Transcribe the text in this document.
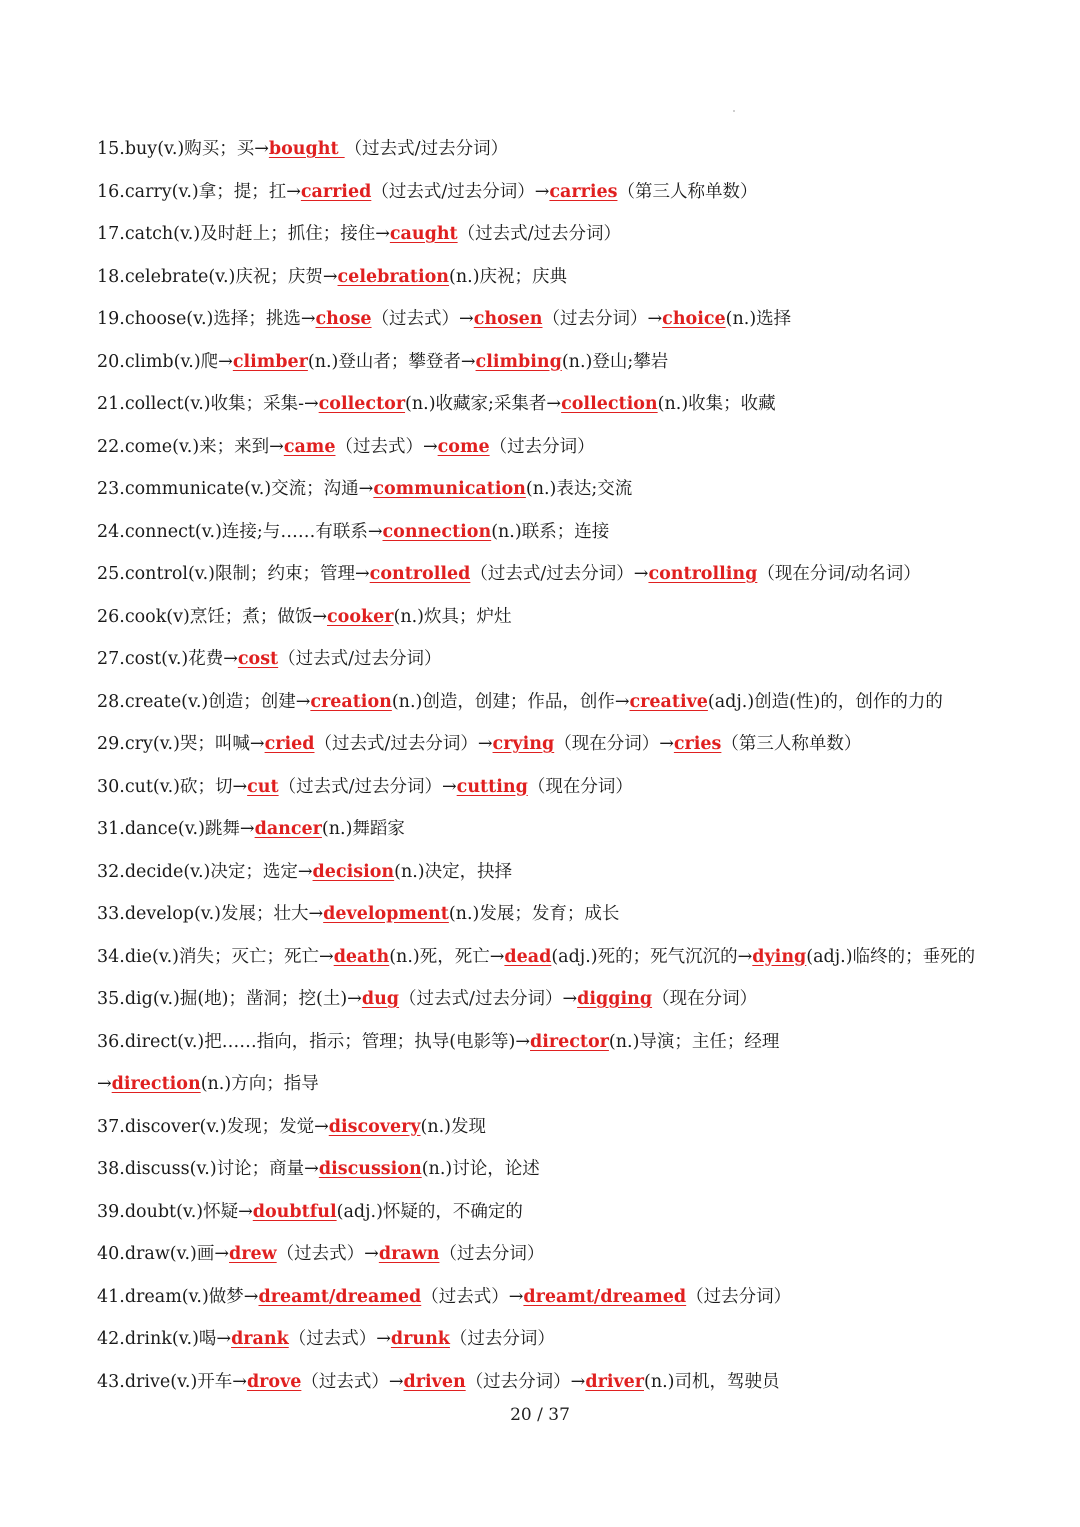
15.buy(v.)购买；买→bought （过去式/过去分词）
16.carry(v.)拿；提；扛→carried（过去式/过去分词）→carries（第三人称单数）
17.catch(v.)及时赶上；抓住；接住→caught（过去式/过去分词）
18.celebrate(v.)庆祝；庆贺→celebration(n.)庆祝；庆典
19.choose(v.)选择；挑选→chose（过去式）→chosen（过去分词）→choice(n.)选择
20.climb(v.)爬→climber(n.)登山者；攀登者→climbing(n.)登山;攀岩
21.collect(v.)收集；采集-→collector(n.)收藏家;采集者→collection(n.)收集；收藏
22.come(v.)来；来到→came（过去式）→come（过去分词）
23.communicate(v.)交流；沟通→communication(n.)表达;交流
24.connect(v.)连接;与……有联系→connection(n.)联系；连接
25.control(v.)限制；约束；管理→controlled（过去式/过去分词）→controlling（现在分词/动名词）
26.cook(v)烹饪；煮；做饭→cooker(n.)炊具；炉灶
27.cost(v.)花费→cost（过去式/过去分词）
28.create(v.)创造；创建→creation(n.)创造，创建；作品，创作→creative(adj.)创造(性)的，创作的力的
29.cry(v.)哭；叫喊→cried（过去式/过去分词）→crying（现在分词）→cries（第三人称单数）
30.cut(v.)砍；切→cut（过去式/过去分词）→cutting（现在分词）
31.dance(v.)跳舞→dancer(n.)舞蹈家
32.decide(v.)决定；选定→decision(n.)决定，抉择
33.develop(v.)发展；壮大→development(n.)发展；发育；成长
34.die(v.)消失；灭亡；死亡→death(n.)死，死亡→dead(adj.)死的；死气沉沉的→dying(adj.)临终的；垂死的
35.dig(v.)掘(地)；凿洞；挖(土)→dug（过去式/过去分词）→digging（现在分词）
36.direct(v.)把……指向，指示；管理；执导(电影等)→director(n.)导演；主任；经理
→direction(n.)方向；指导
37.discover(v.)发现；发觉→discovery(n.)发现
38.discuss(v.)讨论；商量→discussion(n.)讨论，论述
39.doubt(v.)怀疑→doubtful(adj.)怀疑的，不确定的
40.draw(v.)画→drew（过去式）→drawn（过去分词）
41.dream(v.)做梦→dreamt/dreamed（过去式）→dreamt/dreamed（过去分词）
42.drink(v.)喝→drank（过去式）→drunk（过去分词）
43.drive(v.)开车→drove（过去式）→driven（过去分词）→driver(n.)司机，驾驶员
20 / 37
